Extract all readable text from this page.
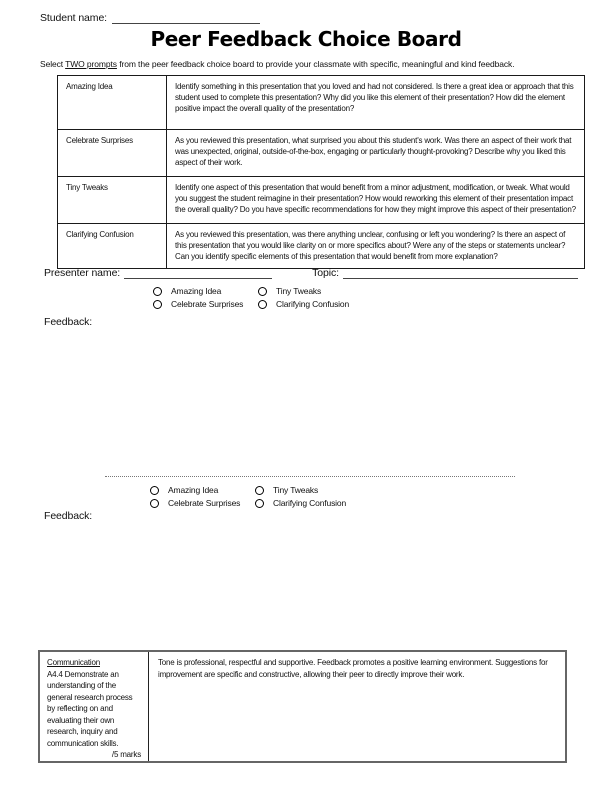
Student name:
Peer Feedback Choice Board
Select TWO prompts from the peer feedback choice board to provide your classmate with specific, meaningful and kind feedback.
Amazing Idea	Identify something in this presentation that you loved and had not considered. Is there a great idea or approach that this student used to complete this presentation? Why did you like this element of their presentation? How did the element positive impact the overall quality of the presentation?
Celebrate Surprises	As you reviewed this presentation, what surprised you about this student's work. Was there an aspect of their work that was unexpected, original, outside-of-the-box, engaging or particularly thought-provoking? Describe why you liked this aspect of their work.
Tiny Tweaks	Identify one aspect of this presentation that would benefit from a minor adjustment, modification, or tweak. What would you suggest the student reimagine in their presentation? How would reworking this element of their presentation impact the overall quality? Do you have specific recommendations for how they might improve this aspect of their presentation?
Clarifying Confusion	As you reviewed this presentation, was there anything unclear, confusing or left you wondering? Is there an aspect of this presentation that you would like clarity on or more specifics about? Were any of the steps or statements unclear? Can you identify specific elements of this presentation that would benefit from more explanation?
Presenter name:	Topic:
Amazing Idea	Tiny Tweaks
Celebrate Surprises	Clarifying Confusion
Feedback:
Amazing Idea	Tiny Tweaks
Celebrate Surprises	Clarifying Confusion
Feedback:
Communication
A4.4 Demonstrate an understanding of the general research process by reflecting on and evaluating their own research, inquiry and communication skills.
/5 marks
Tone is professional, respectful and supportive. Feedback promotes a positive learning environment. Suggestions for improvement are specific and constructive, allowing their peer to directly improve their work.
